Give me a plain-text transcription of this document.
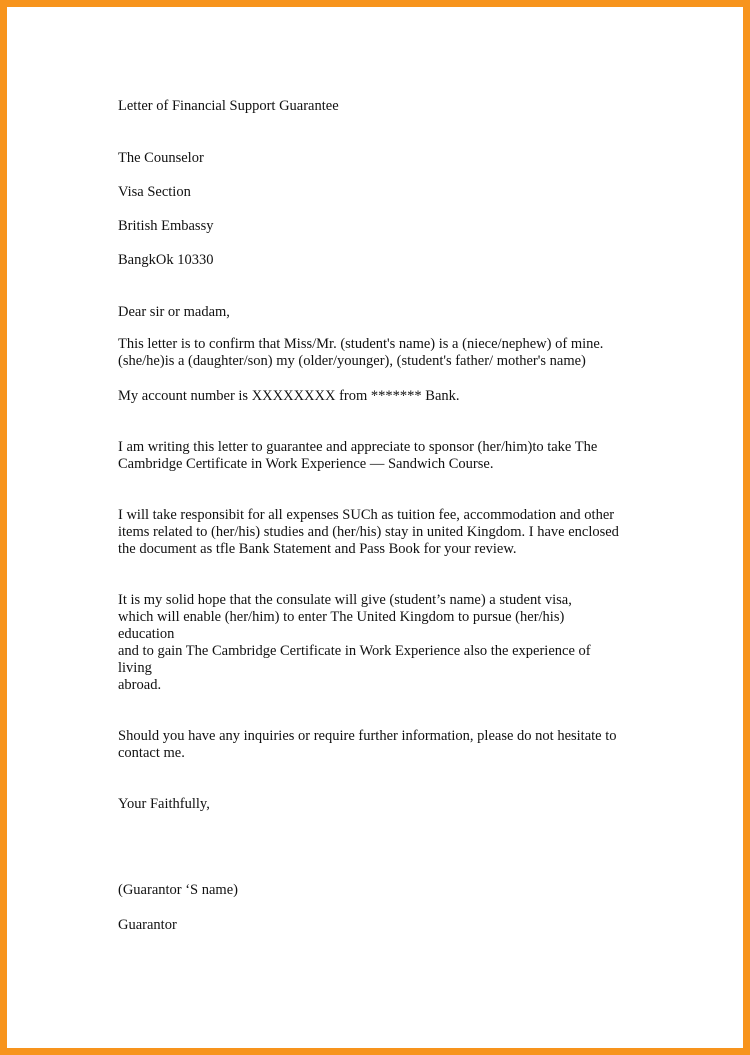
Letter of Financial Support Guarantee
The Counselor
Visa Section
British Embassy
BangkOk 10330
Dear sir or madam,
This letter is to confirm that Miss/Mr. (student's name) is a (niece/nephew) of mine.
(she/he)is a (daughter/son) my (older/younger), (student's father/ mother's name)
My account number is XXXXXXXX from ******* Bank.
I am writing this letter to guarantee and appreciate to sponsor (her/him)to take The
Cambridge Certificate in Work Experience — Sandwich Course.
I will take responsibit for all expenses SUCh as tuition fee, accommodation and other
items related to (her/his) studies and (her/his) stay in united Kingdom. I have enclosed
the document as tfle Bank Statement and Pass Book for your review.
It is my solid hope that the consulate will give (student’s name) a student visa,
which will enable (her/him) to enter The United Kingdom to pursue (her/his)
education
and to gain The Cambridge Certificate in Work Experience also the experience of
living
abroad.
Should you have any inquiries or require further information, please do not hesitate to
contact me.
Your Faithfully,
(Guarantor ‘S name)
Guarantor
